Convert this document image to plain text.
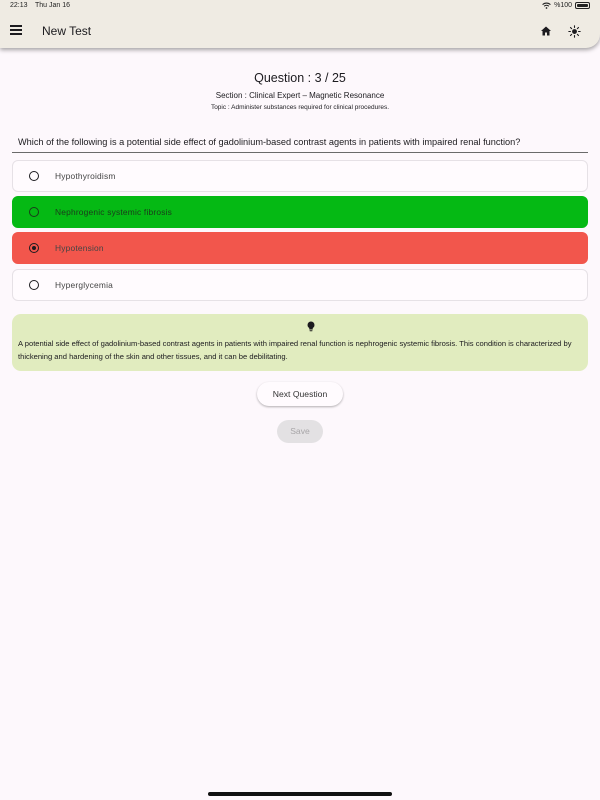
22:13 Thu Jan 16	%100
New Test
Question : 3 / 25
Section : Clinical Expert – Magnetic Resonance
Topic : Administer substances required for clinical procedures.
Which of the following is a potential side effect of gadolinium-based contrast agents in patients with impaired renal function?
Hypothyroidism
Nephrogenic systemic fibrosis
Hypotension
Hyperglycemia
A potential side effect of gadolinium-based contrast agents in patients with impaired renal function is nephrogenic systemic fibrosis. This condition is characterized by thickening and hardening of the skin and other tissues, and it can be debilitating.
Next Question
Save
